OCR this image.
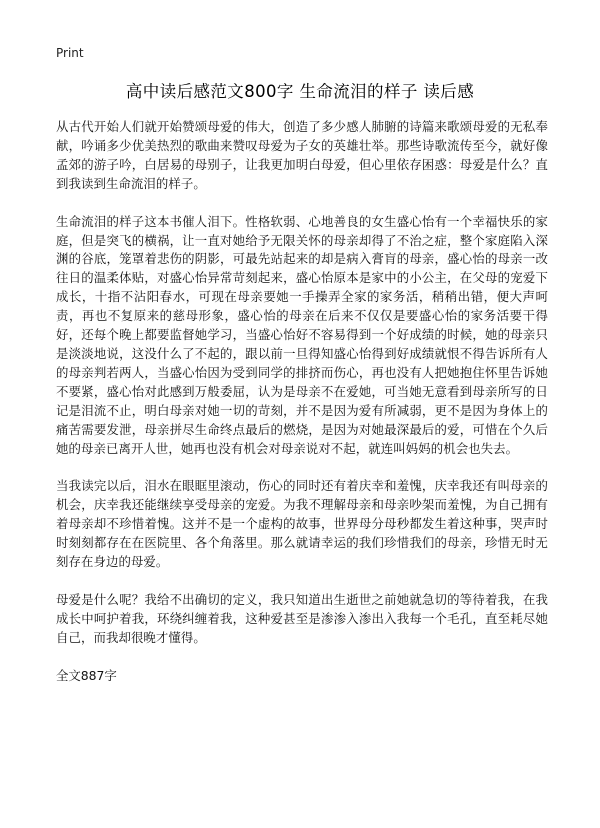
Print
高中读后感范文800字 生命流泪的样子 读后感

从古代开始人们就开始赞颂母爱的伟大，创造了多少感人肺腑的诗篇来歌颂母爱的无私奉献，吟诵多少优美热烈的歌曲来赞叹母爱为子女的英雄壮举。那些诗歌流传至今，就好像孟郊的游子吟，白居易的母别子，让我更加明白母爱，但心里依存困惑：母爱是什么？直到我读到生命流泪的样子。

生命流泪的样子这本书催人泪下。性格软弱、心地善良的女生盛心怡有一个幸福快乐的家庭，但是突飞的横祸，让一直对她给予无限关怀的母亲却得了不治之症，整个家庭陷入深渊的谷底，笼罩着悲伤的阴影，可最先站起来的却是病入膏肓的母亲，盛心怡的母亲一改往日的温柔体贴，对盛心怡异常苛刻起来，盛心怡原本是家中的小公主，在父母的宠爱下成长，十指不沾阳春水，可现在母亲要她一手操弄全家的家务活，稍稍出错，便大声呵责，再也不复原来的慈母形象，盛心怡的母亲在后来不仅仅是要盛心怡的家务活要干得好，还每个晚上都要监督她学习，当盛心怡好不容易得到一个好成绩的时候，她的母亲只是淡淡地说，这没什么了不起的，跟以前一旦得知盛心怡得到好成绩就恨不得告诉所有人的母亲判若两人，当盛心怡因为受到同学的排挤而伤心，再也没有人把她抱住怀里告诉她不要紧，盛心怡对此感到万般委屈，认为是母亲不在爱她，可当她无意看到母亲所写的日记是泪流不止，明白母亲对她一切的苛刻，并不是因为爱有所减弱，更不是因为身体上的痛苦需要发泄，母亲拼尽生命终点最后的燃烧，是因为对她最深最后的爱，可惜在个久后她的母亲已离开人世，她再也没有机会对母亲说对不起，就连叫妈妈的机会也失去。

当我读完以后，泪水在眼眶里滚动，伤心的同时还有着庆幸和羞愧，庆幸我还有叫母亲的机会，庆幸我还能继续享受母亲的宠爱。为我不理解母亲和母亲吵架而羞愧，为自己拥有着母亲却不珍惜着愧。这并不是一个虚构的故事，世界母分母秒都发生着这种事，哭声时时刻刻都存在在医院里、各个角落里。那么就请幸运的我们珍惜我们的母亲，珍惜无时无刻存在身边的母爱。

母爱是什么呢？我给不出确切的定义，我只知道出生逝世之前她就急切的等待着我，在我成长中呵护着我，环绕纠缠着我，这种爱甚至是渗渗入渗出入我每一个毛孔，直至耗尽她自己，而我却很晚才懂得。

全文887字
